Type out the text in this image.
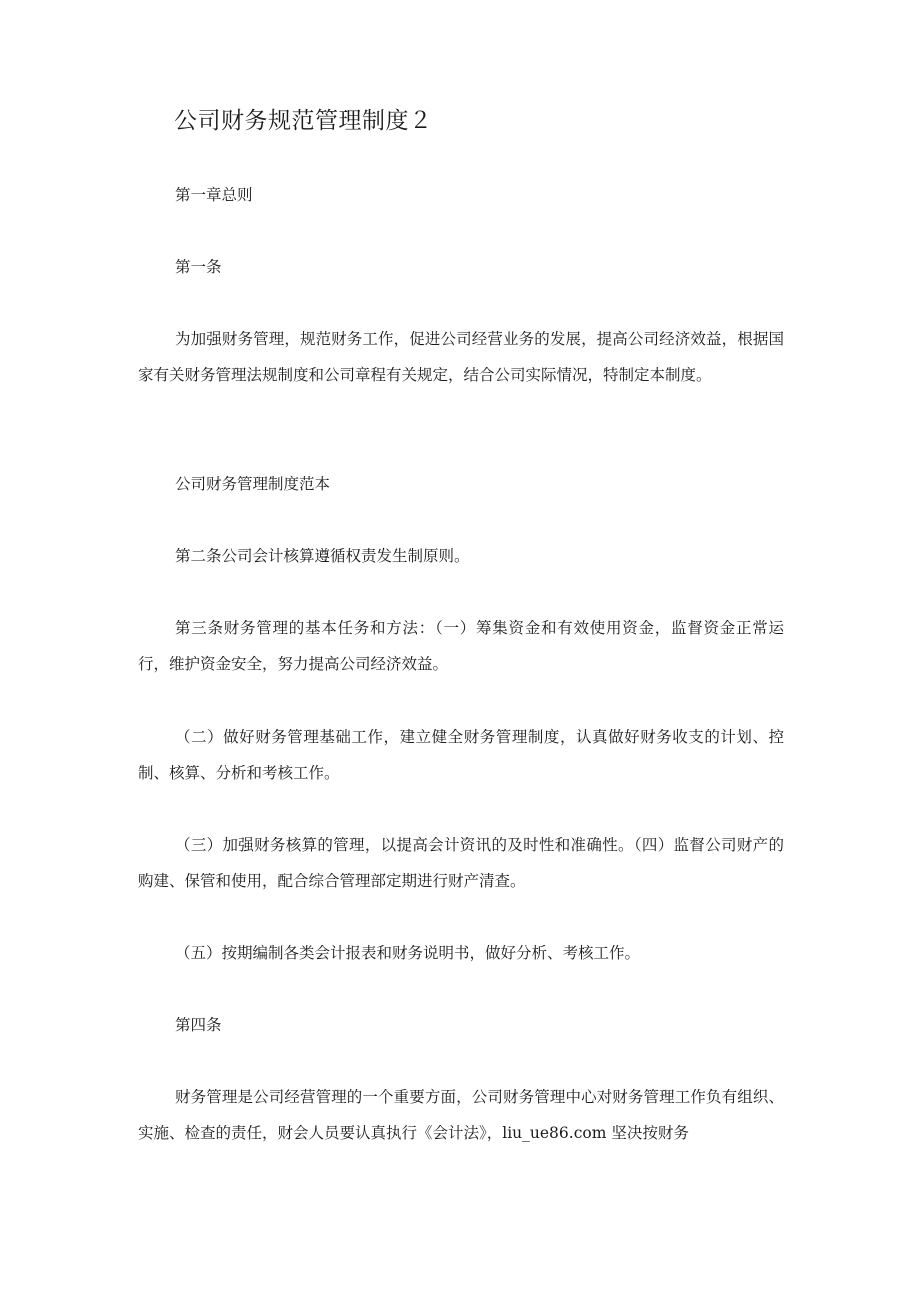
公司财务规范管理制度２

第一章总则

第一条

为加强财务管理，规范财务工作，促进公司经营业务的发展，提高公司经济效益，根据国家有关财务管理法规制度和公司章程有关规定，结合公司实际情况，特制定本制度。

公司财务管理制度范本

第二条公司会计核算遵循权责发生制原则。

第三条财务管理的基本任务和方法：（一）筹集资金和有效使用资金，监督资金正常运行，维护资金安全，努力提高公司经济效益。

（二）做好财务管理基础工作，建立健全财务管理制度，认真做好财务收支的计划、控制、核算、分析和考核工作。

（三）加强财务核算的管理，以提高会计资讯的及时性和准确性。（四）监督公司财产的购建、保管和使用，配合综合管理部定期进行财产清查。

（五）按期编制各类会计报表和财务说明书，做好分析、考核工作。

第四条

财务管理是公司经营管理的一个重要方面，公司财务管理中心对财务管理工作负有组织、实施、检查的责任，财会人员要认真执行《会计法》，liu_ue86.com 坚决按财务
